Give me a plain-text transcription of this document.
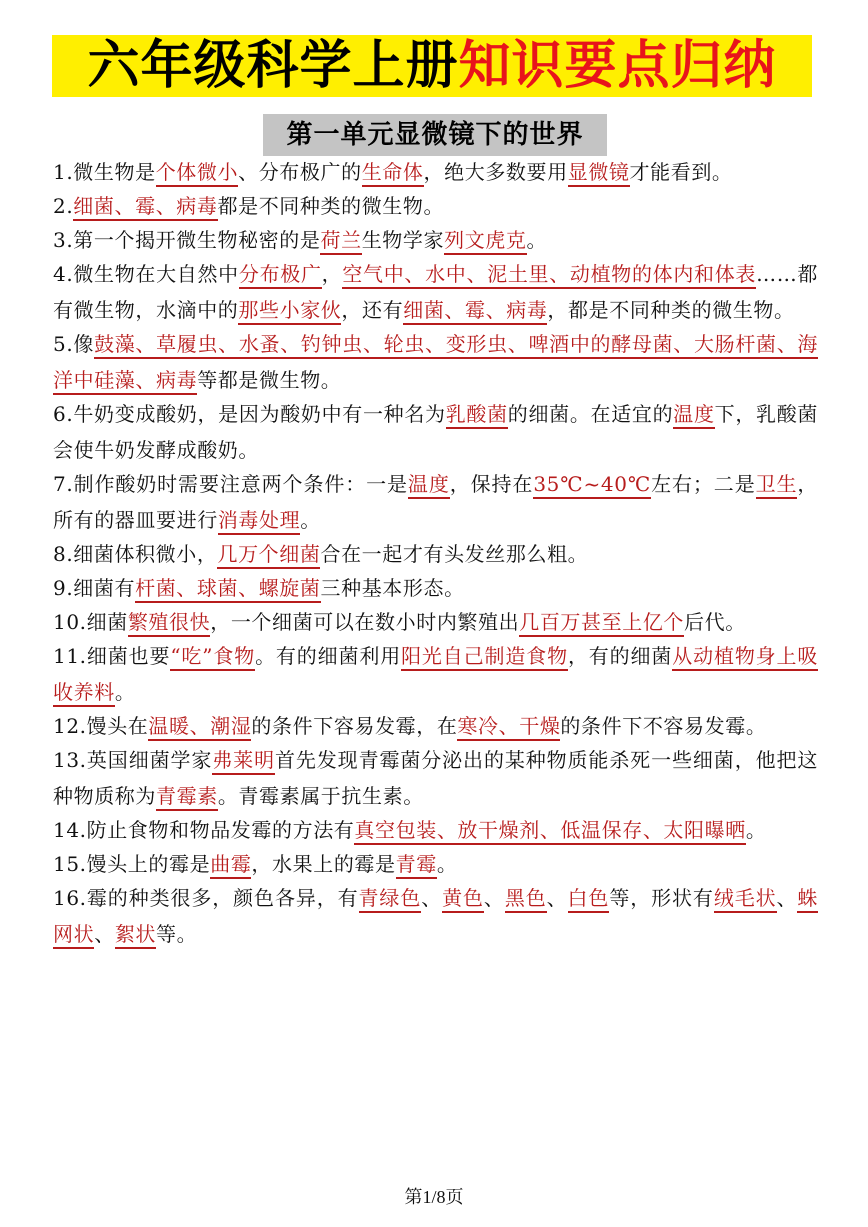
六年级科学上册 知识要点归纳
第一单元显微镜下的世界

1.微生物是个体微小、分布极广的生命体，绝大多数要用显微镜才能看到。

2.细菌、霉、病毒都是不同种类的微生物。

3.第一个揭开微生物秘密的是荷兰生物学家列文虎克。

4.微生物在大自然中分布极广，空气中、水中、泥土里、动植物的体内和体表……都有微生物，水滴中的那些小家伙，还有细菌、霉、病毒，都是不同种类的微生物。

5.像鼓藻、草履虫、水蚤、钓钟虫、轮虫、变形虫、啤酒中的酵母菌、大肠杆菌、海洋中硅藻、病毒等都是微生物。

6.牛奶变成酸奶，是因为酸奶中有一种名为乳酸菌的细菌。在适宜的温度下，乳酸菌会使牛奶发酵成酸奶。

7.制作酸奶时需要注意两个条件：一是温度，保持在35℃~40℃左右；二是卫生，所有的器皿要进行消毒处理。

8.细菌体积微小，几万个细菌合在一起才有头发丝那么粗。

9.细菌有杆菌、球菌、螺旋菌三种基本形态。

10.细菌繁殖很快，一个细菌可以在数小时内繁殖出几百万甚至上亿个后代。

11.细菌也要“吃”食物。有的细菌利用阳光自己制造食物，有的细菌从动植物身上吸收养料。

12.馒头在温暖、潮湿的条件下容易发霉，在寒冷、干燥的条件下不容易发霉。

13.英国细菌学家弗莱明首先发现青霉菌分泌出的某种物质能杀死一些细菌，他把这种物质称为青霉素。青霉素属于抗生素。

14.防止食物和物品发霉的方法有真空包装、放干燥剂、低温保存、太阳曝晒。

15.馒头上的霉是曲霉，水果上的霉是青霉。

16.霉的种类很多，颜色各异，有青绿色、黄色、黑色、白色等，形状有绒毛状、蛛网状、絮状等。

第1/8页
